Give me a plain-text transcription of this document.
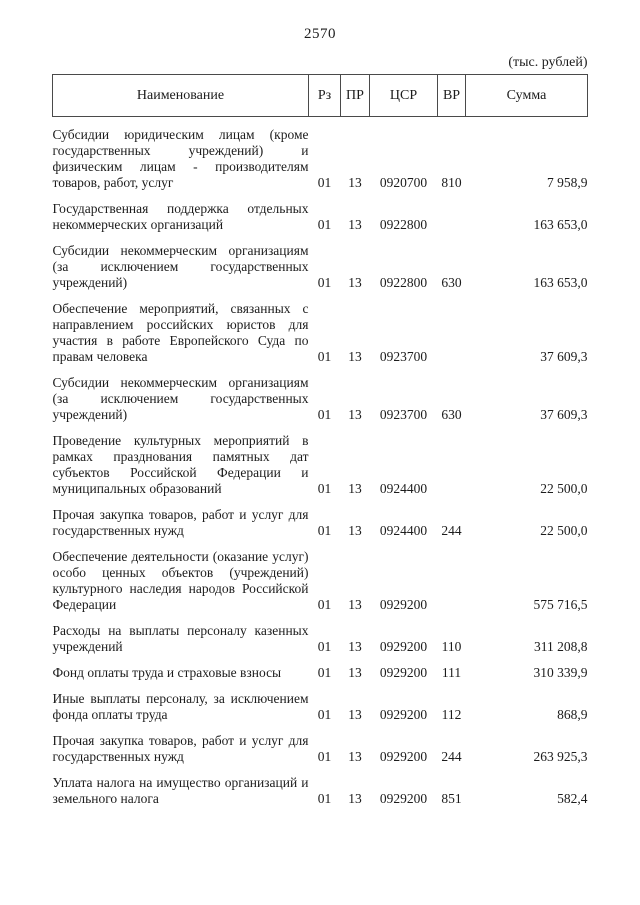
2570
(тыс. рублей)
Наименование	Рз	ПР	ЦСР	ВР	Сумма
Субсидии юридическим лицам (кроме государственных учреждений) и физическим лицам - производителям товаров, работ, услуг	01	13	0920700	810	7 958,9
Государственная поддержка отдельных некоммерческих организаций	01	13	0922800		163 653,0
Субсидии некоммерческим организациям (за исключением государственных учреждений)	01	13	0922800	630	163 653,0
Обеспечение мероприятий, связанных с направлением российских юристов для участия в работе Европейского Суда по правам человека	01	13	0923700		37 609,3
Субсидии некоммерческим организациям (за исключением государственных учреждений)	01	13	0923700	630	37 609,3
Проведение культурных мероприятий в рамках празднования памятных дат субъектов Российской Федерации и муниципальных образований	01	13	0924400		22 500,0
Прочая закупка товаров, работ и услуг для государственных нужд	01	13	0924400	244	22 500,0
Обеспечение деятельности (оказание услуг) особо ценных объектов (учреждений) культурного наследия народов Российской Федерации	01	13	0929200		575 716,5
Расходы на выплаты персоналу казенных учреждений	01	13	0929200	110	311 208,8
Фонд оплаты труда и страховые взносы	01	13	0929200	111	310 339,9
Иные выплаты персоналу, за исключением фонда оплаты труда	01	13	0929200	112	868,9
Прочая закупка товаров, работ и услуг для государственных нужд	01	13	0929200	244	263 925,3
Уплата налога на имущество организаций и земельного налога	01	13	0929200	851	582,4
